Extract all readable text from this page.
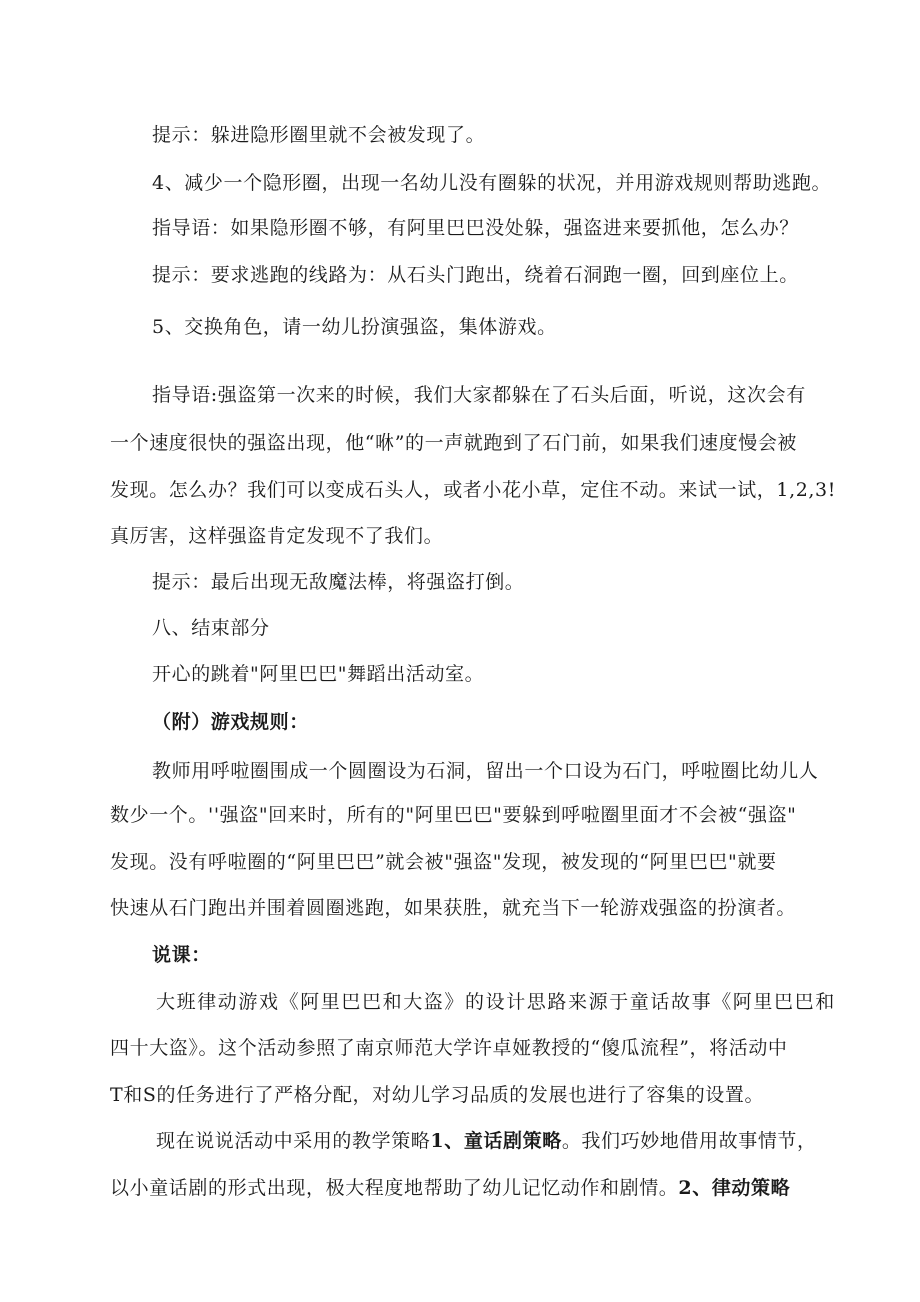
提示：躲进隐形圈里就不会被发现了。
4、减少一个隐形圈，出现一名幼儿没有圈躲的状况，并用游戏规则帮助逃跑。
指导语：如果隐形圈不够，有阿里巴巴没处躲，强盗进来要抓他，怎么办？
提示：要求逃跑的线路为：从石头门跑出，绕着石洞跑一圈，回到座位上。
5、交换角色，请一幼儿扮演强盗，集体游戏。
指导语:强盗第一次来的时候，我们大家都躲在了石头后面，听说，这次会有
一个速度很快的强盗出现，他“咻”的一声就跑到了石门前，如果我们速度慢会被
发现。怎么办？我们可以变成石头人，或者小花小草，定住不动。来试一试，1,2,3!
真厉害，这样强盗肯定发现不了我们。
提示：最后出现无敌魔法棒，将强盗打倒。
八、结束部分
开心的跳着"阿里巴巴"舞蹈出活动室。
（附）游戏规则：
教师用呼啦圈围成一个圆圈设为石洞，留出一个口设为石门，呼啦圈比幼儿人
数少一个。''强盗"回来时，所有的"阿里巴巴"要躲到呼啦圈里面才不会被“强盗"
发现。没有呼啦圈的“阿里巴巴”就会被"强盗"发现，被发现的“阿里巴巴"就要
快速从石门跑出并围着圆圈逃跑，如果获胜，就充当下一轮游戏强盗的扮演者。
说课：
大班律动游戏《阿里巴巴和大盗》的设计思路来源于童话故事《阿里巴巴和
四十大盗》。这个活动参照了南京师范大学许卓娅教授的“傻瓜流程”，将活动中
T和S的任务进行了严格分配，对幼儿学习品质的发展也进行了容集的设置。
现在说说活动中采用的教学策略1、童话剧策略。我们巧妙地借用故事情节，
以小童话剧的形式出现，极大程度地帮助了幼儿记忆动作和剧情。2、律动策略
